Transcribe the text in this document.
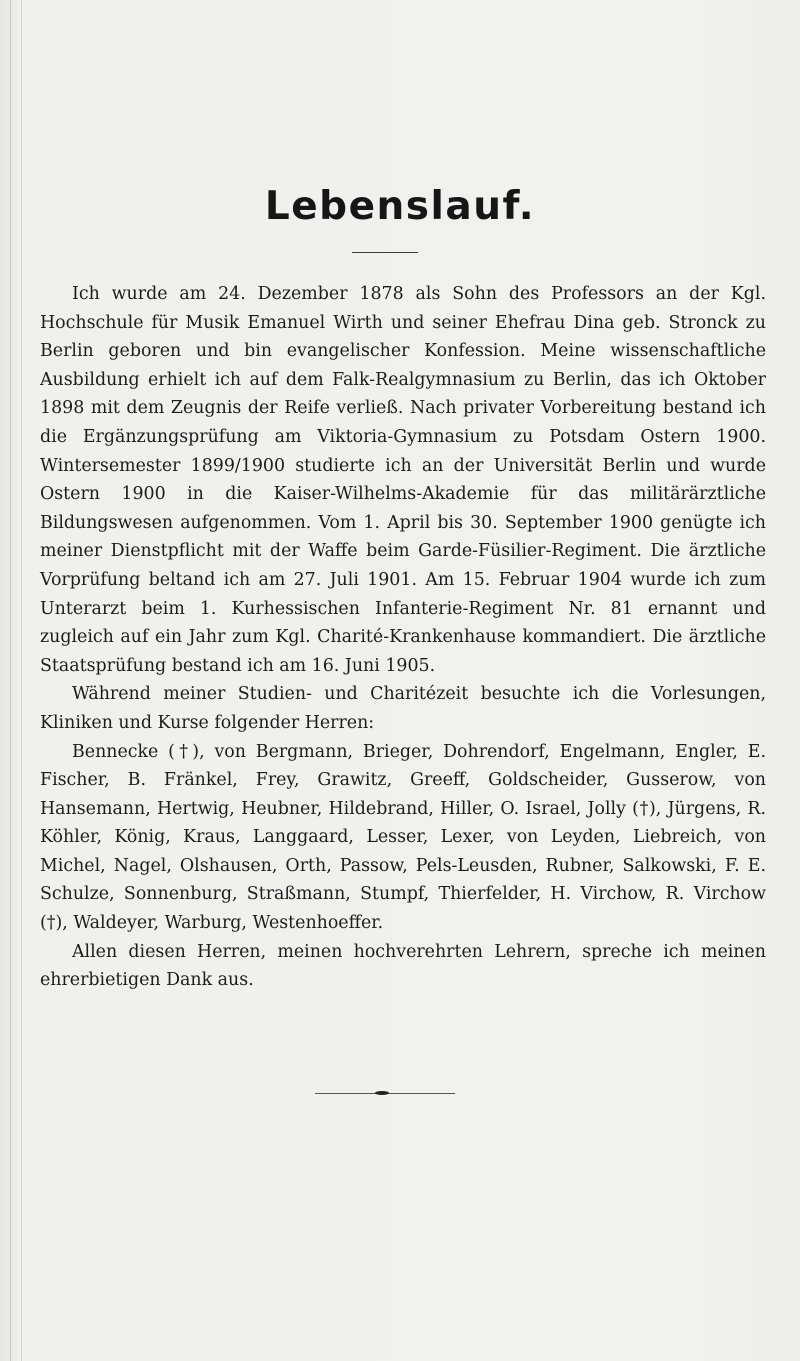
Lebenslauf.

Ich wurde am 24. Dezember 1878 als Sohn des Professors an der Kgl. Hochschule für Musik Emanuel Wirth und seiner Ehefrau Dina geb. Stronck zu Berlin geboren und bin evangelischer Konfession. Meine wissenschaftliche Ausbildung erhielt ich auf dem Falk-Realgymnasium zu Berlin, das ich Oktober 1898 mit dem Zeugnis der Reife verließ. Nach privater Vorbereitung bestand ich die Ergänzungsprüfung am Viktoria-Gymnasium zu Potsdam Ostern 1900. Wintersemester 1899/1900 studierte ich an der Universität Berlin und wurde Ostern 1900 in die Kaiser-Wilhelms-Akademie für das militärärztliche Bildungswesen aufgenommen. Vom 1. April bis 30. September 1900 genügte ich meiner Dienstpflicht mit der Waffe beim Garde-Füsilier-Regiment. Die ärztliche Vorprüfung beltand ich am 27. Juli 1901. Am 15. Februar 1904 wurde ich zum Unterarzt beim 1. Kurhessischen Infanterie-Regiment Nr. 81 ernannt und zugleich auf ein Jahr zum Kgl. Charité-Krankenhause kommandiert. Die ärztliche Staatsprüfung bestand ich am 16. Juni 1905.

Während meiner Studien- und Charitézeit besuchte ich die Vorlesungen, Kliniken und Kurse folgender Herren:

Bennecke (†), von Bergmann, Brieger, Dohrendorf, Engelmann, Engler, E. Fischer, B. Fränkel, Frey, Grawitz, Greeff, Goldscheider, Gusserow, von Hansemann, Hertwig, Heubner, Hildebrand, Hiller, O. Israel, Jolly (†), Jürgens, R. Köhler, König, Kraus, Langgaard, Lesser, Lexer, von Leyden, Liebreich, von Michel, Nagel, Olshausen, Orth, Passow, Pels-Leusden, Rubner, Salkowski, F. E. Schulze, Sonnenburg, Straßmann, Stumpf, Thierfelder, H. Virchow, R. Virchow (†), Waldeyer, Warburg, Westenhoeffer.

Allen diesen Herren, meinen hochverehrten Lehrern, spreche ich meinen ehrerbietigen Dank aus.
